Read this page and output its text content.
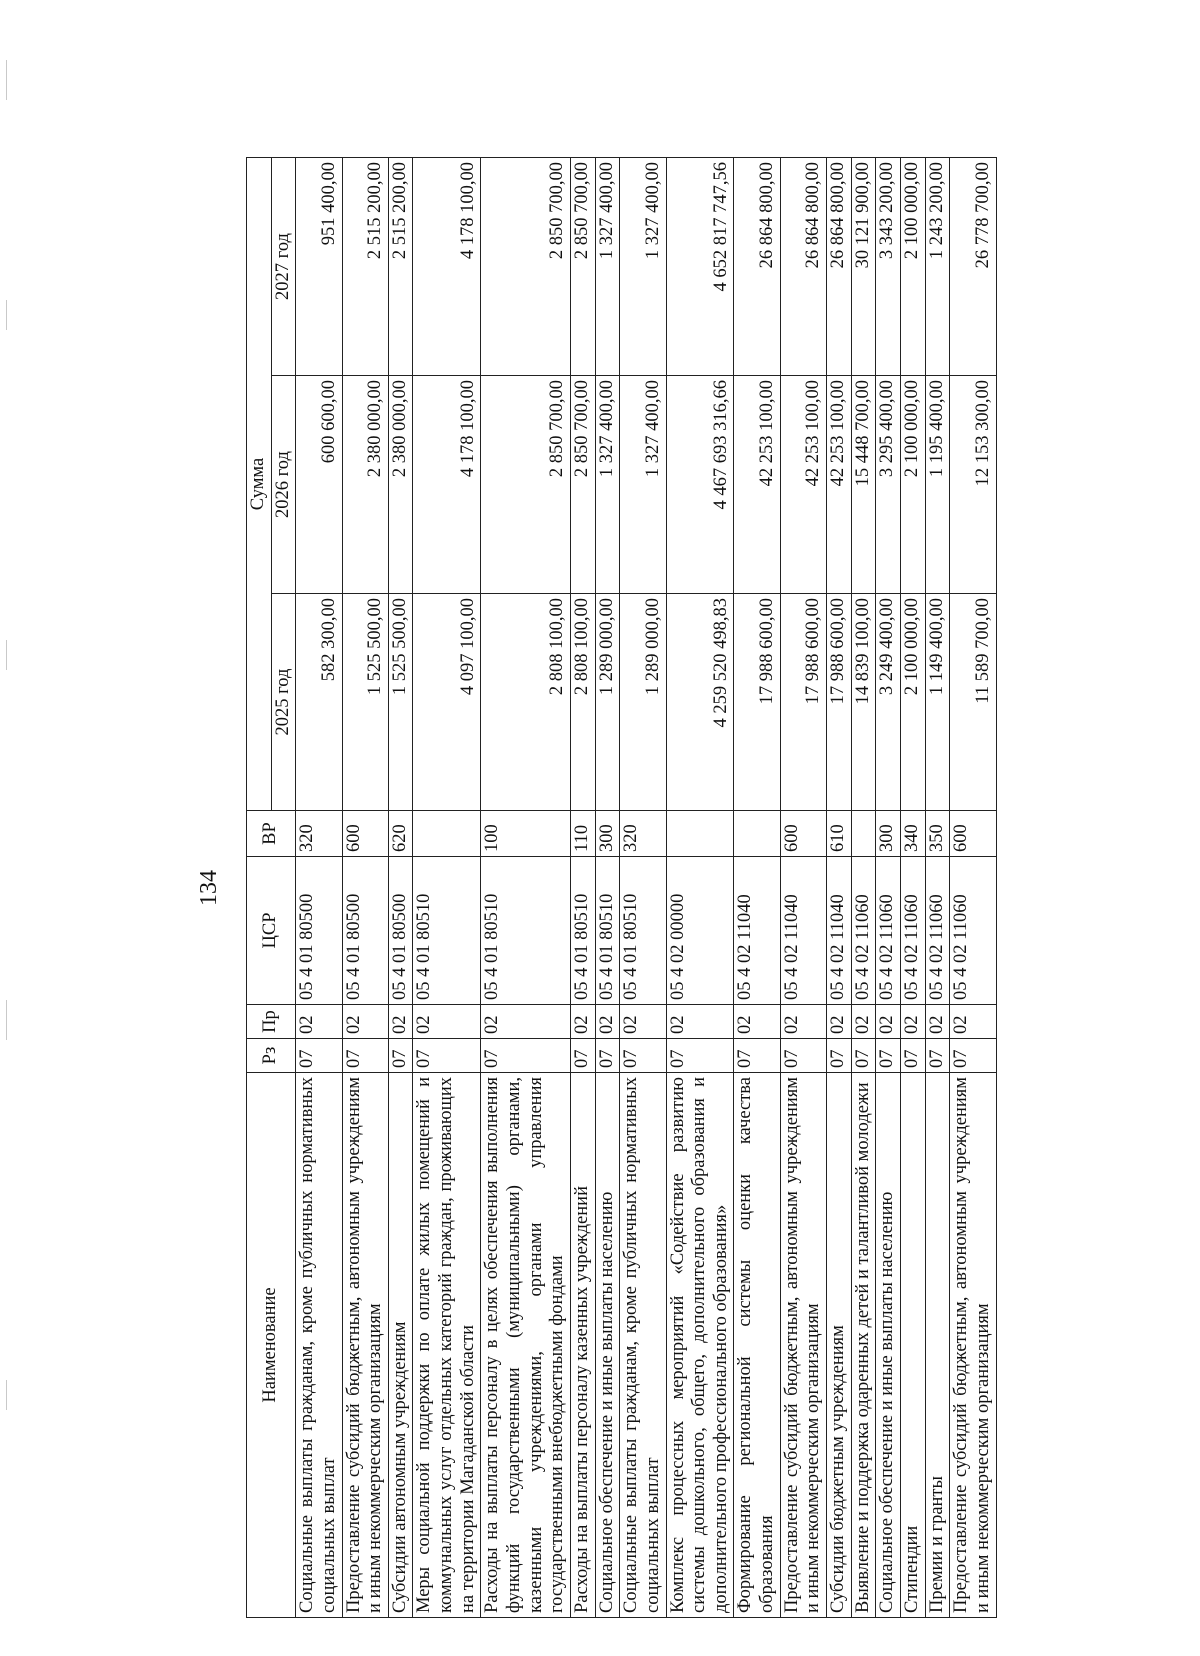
134
Наименование	Рз	Пр	ЦСР	ВР	Сумма		
					2025 год	2026 год	2027 год
Социальные выплаты гражданам, кроме публичных нормативных социальных выплат	07	02	05 4 01 80500	320	582 300,00	600 600,00	951 400,00
Предоставление субсидий бюджетным, автономным учреждениям и иным некоммерческим организациям	07	02	05 4 01 80500	600	1 525 500,00	2 380 000,00	2 515 200,00
Субсидии автономным учреждениям	07	02	05 4 01 80500	620	1 525 500,00	2 380 000,00	2 515 200,00
Меры социальной поддержки по оплате жилых помещений и коммунальных услуг отдельных категорий граждан, проживающих на территории Магаданской области	07	02	05 4 01 80510		4 097 100,00	4 178 100,00	4 178 100,00
Расходы на выплаты персоналу в целях обеспечения выполнения функций государственными (муниципальными) органами, казенными учреждениями, органами управления государственными внебюджетными фондами	07	02	05 4 01 80510	100	2 808 100,00	2 850 700,00	2 850 700,00
Расходы на выплаты персоналу казенных учреждений	07	02	05 4 01 80510	110	2 808 100,00	2 850 700,00	2 850 700,00
Социальное обеспечение и иные выплаты населению	07	02	05 4 01 80510	300	1 289 000,00	1 327 400,00	1 327 400,00
Социальные выплаты гражданам, кроме публичных нормативных социальных выплат	07	02	05 4 01 80510	320	1 289 000,00	1 327 400,00	1 327 400,00
Комплекс процессных мероприятий «Содействие развитию системы дошкольного, общего, дополнительного образования и дополнительного профессионального образования»	07	02	05 4 02 00000		4 259 520 498,83	4 467 693 316,66	4 652 817 747,56
Формирование региональной системы оценки качества образования	07	02	05 4 02 11040		17 988 600,00	42 253 100,00	26 864 800,00
Предоставление субсидий бюджетным, автономным учреждениям и иным некоммерческим организациям	07	02	05 4 02 11040	600	17 988 600,00	42 253 100,00	26 864 800,00
Субсидии бюджетным учреждениям	07	02	05 4 02 11040	610	17 988 600,00	42 253 100,00	26 864 800,00
Выявление и поддержка одаренных детей и талантливой молодежи	07	02	05 4 02 11060		14 839 100,00	15 448 700,00	30 121 900,00
Социальное обеспечение и иные выплаты населению	07	02	05 4 02 11060	300	3 249 400,00	3 295 400,00	3 343 200,00
Стипендии	07	02	05 4 02 11060	340	2 100 000,00	2 100 000,00	2 100 000,00
Премии и гранты	07	02	05 4 02 11060	350	1 149 400,00	1 195 400,00	1 243 200,00
Предоставление субсидий бюджетным, автономным учреждениям и иным некоммерческим организациям	07	02	05 4 02 11060	600	11 589 700,00	12 153 300,00	26 778 700,00
